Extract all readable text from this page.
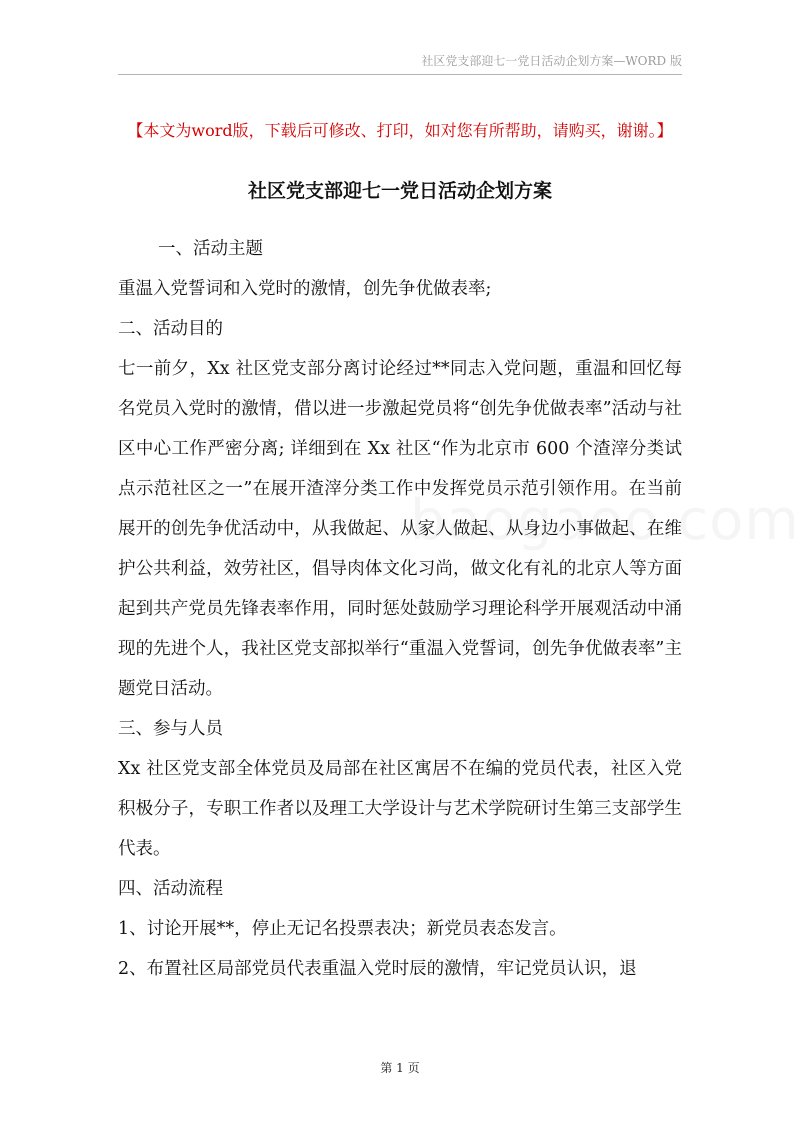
社区党支部迎七一党日活动企划方案—WORD 版
【本文为word版，下载后可修改、打印，如对您有所帮助，请购买，谢谢。】
社区党支部迎七一党日活动企划方案

一、活动主题

重温入党誓词和入党时的激情，创先争优做表率;

二、活动目的

七一前夕，Xx 社区党支部分离讨论经过**同志入党问题，重温和回忆每名党员入党时的激情，借以进一步激起党员将“创先争优做表率”活动与社区中心工作严密分离; 详细到在 Xx 社区“作为北京市 600 个渣滓分类试点示范社区之一”在展开渣滓分类工作中发挥党员示范引领作用。在当前展开的创先争优活动中，从我做起、从家人做起、从身边小事做起、在维护公共利益，效劳社区，倡导肉体文化习尚，做文化有礼的北京人等方面起到共产党员先锋表率作用，同时惩处鼓励学习理论科学开展观活动中涌现的先进个人，我社区党支部拟举行“重温入党誓词，创先争优做表率”主题党日活动。

三、参与人员

Xx 社区党支部全体党员及局部在社区寓居不在编的党员代表，社区入党积极分子，专职工作者以及理工大学设计与艺术学院研讨生第三支部学生代表。

四、活动流程

1、讨论开展**，停止无记名投票表决；新党员表态发言。

2、布置社区局部党员代表重温入党时辰的激情，牢记党员认识，退

第 1 页
